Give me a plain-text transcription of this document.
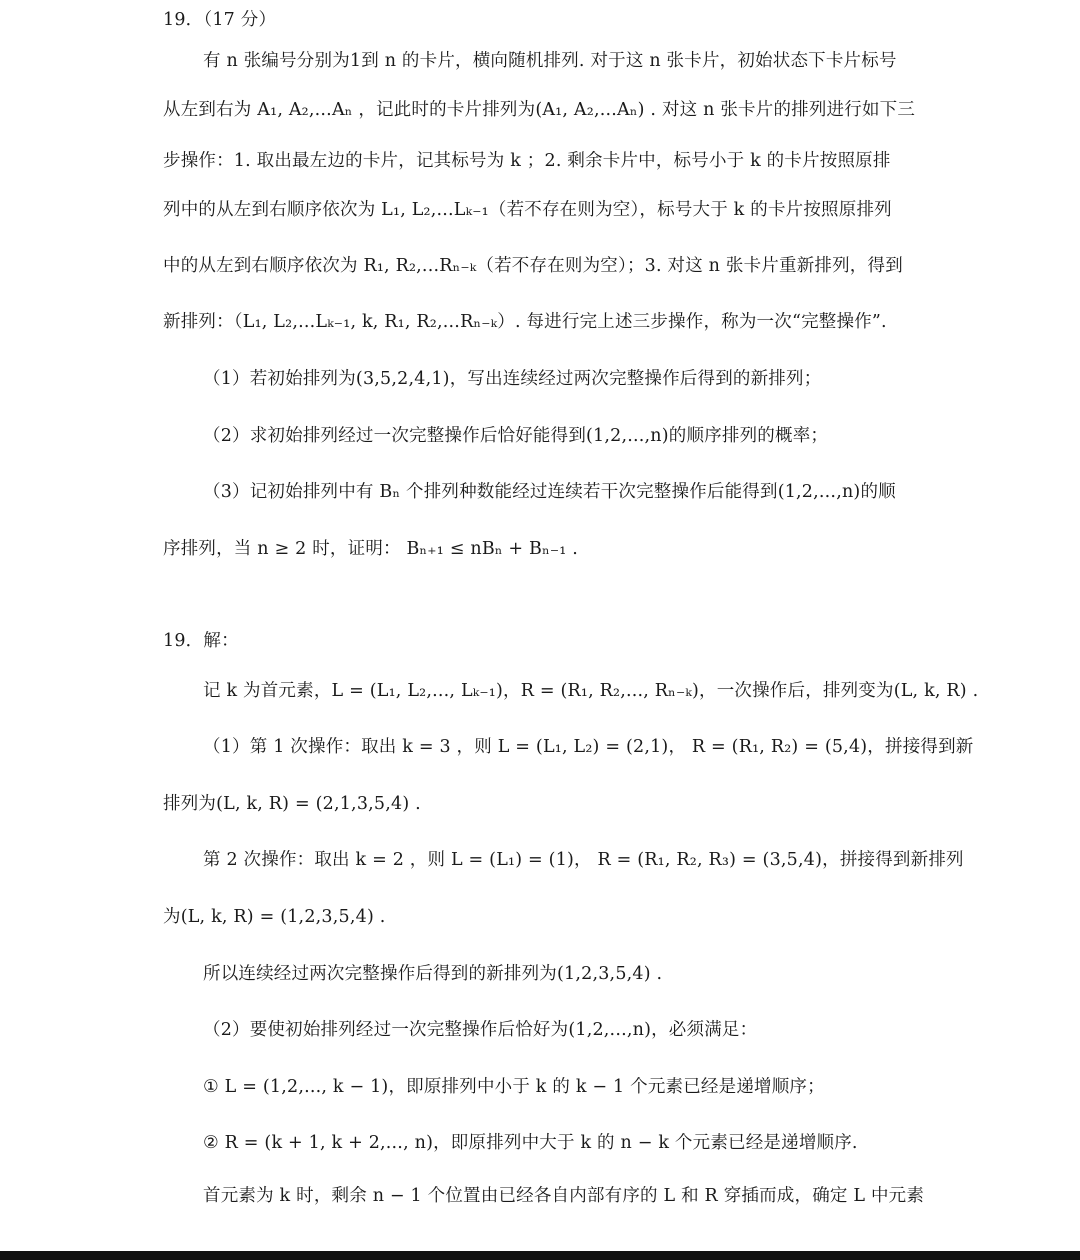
19．（17 分）
有 n 张编号分别为1到 n 的卡片，横向随机排列. 对于这 n 张卡片，初始状态下卡片标号
从左到右为 A₁, A₂,...Aₙ ，记此时的卡片排列为(A₁, A₂,...Aₙ) . 对这 n 张卡片的排列进行如下三
步操作：1. 取出最左边的卡片，记其标号为 k ；2. 剩余卡片中，标号小于 k 的卡片按照原排
列中的从左到右顺序依次为 L₁, L₂,...Lₖ₋₁（若不存在则为空），标号大于 k 的卡片按照原排列
中的从左到右顺序依次为 R₁, R₂,...Rₙ₋ₖ（若不存在则为空）；3. 对这 n 张卡片重新排列，得到
新排列：（L₁, L₂,...Lₖ₋₁, k, R₁, R₂,...Rₙ₋ₖ）. 每进行完上述三步操作，称为一次“完整操作”.
（1）若初始排列为(3,5,2,4,1)，写出连续经过两次完整操作后得到的新排列；
（2）求初始排列经过一次完整操作后恰好能得到(1,2,...,n)的顺序排列的概率；
（3）记初始排列中有 Bₙ 个排列种数能经过连续若干次完整操作后能得到(1,2,...,n)的顺
序排列，当 n ≥ 2 时，证明： Bₙ₊₁ ≤ nBₙ + Bₙ₋₁ .
19．解：
记 k 为首元素，L = (L₁, L₂,..., Lₖ₋₁)，R = (R₁, R₂,..., Rₙ₋ₖ)，一次操作后，排列变为(L, k, R) .
（1）第 1 次操作：取出 k = 3 ，则 L = (L₁, L₂) = (2,1)， R = (R₁, R₂) = (5,4)，拼接得到新
排列为(L, k, R) = (2,1,3,5,4) .
第 2 次操作：取出 k = 2 ，则 L = (L₁) = (1)， R = (R₁, R₂, R₃) = (3,5,4)，拼接得到新排列
为(L, k, R) = (1,2,3,5,4) .
所以连续经过两次完整操作后得到的新排列为(1,2,3,5,4) .
（2）要使初始排列经过一次完整操作后恰好为(1,2,...,n)，必须满足：
① L = (1,2,..., k − 1)，即原排列中小于 k 的 k − 1 个元素已经是递增顺序；
② R = (k + 1, k + 2,..., n)，即原排列中大于 k 的 n − k 个元素已经是递增顺序.
首元素为 k 时，剩余 n − 1 个位置由已经各自内部有序的 L 和 R 穿插而成，确定 L 中元素
